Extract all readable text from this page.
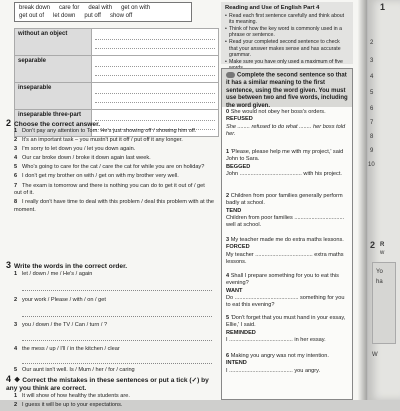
break down care for deal with get on with
get out of let down put off show off
without an object	

separable	

inseparable	

inseparable three-part	
2 Choose the correct answer.
1 Don't pay any attention to Tom. He's just showing off / showing him off.
2 It's an important task – you mustn't put it off / put off it any longer.
3 I'm sorry to let down you / let you down again.
4 Our car broke down / broke it down again last week.
5 Who's going to care for the cat / care the cat for while you are on holiday?
6 I don't get my brother on with / get on with my brother very well.
7 The exam is tomorrow and there is nothing you can do to get it out of / get out of it.
8 I really don't have time to deal with this problem / deal this problem with at the moment.
3 Write the words in the correct order.
1 let / down / me / He's / again
2 your work / Please / with / on / get
3 you / down / the TV / Can / turn / ?
4 the mess / up / I'll / in the kitchen / clear
5 Our aunt isn't well. Is / Mum / her / for / caring
4 ❖ Correct the mistakes in these sentences or put a tick (✓) by any you think are correct.
1 It will show of how healthy the students are.
2 I guess it will be up to your expectations.
Reading and Use of English Part 4
• Read each first sentence carefully and think about its meaning.
• Think of how the key word is commonly used in a phrase or sentence.
• Read your completed second sentence to check that your answer makes sense and has accurate grammar.
• Make sure you have only used a maximum of five
Complete the second sentence so that it has a similar meaning to the first sentence, using the word given. You must use between two and five words, including the word given.
0 She would not obey her boss's orders.
REFUSED
She ........ refused to do what ........ her boss told her.
1 'Please, please help me with my project,' said John to Sara.
BEGGED
John ........................................ with his project.
2 Children from poor families generally perform badly at school.
TEND
Children from poor families ................................ well at school.
3 My teacher made me do extra maths lessons.
FORCED
My teacher ..................................... extra maths lessons.
4 Shall I prepare something for you to eat this evening?
WANT
Do ......................................... something for you to eat this evening?
5 'Don't forget that you must hand in your essay, Ellie,' I said.
REMINDED
I ......................................... in her essay.
6 Making you angry was not my intention.
INTEND
I ......................................... you angry.
1
2
3
4
5
6
7
8
9
10
2 R
w
Yo
ha
W
